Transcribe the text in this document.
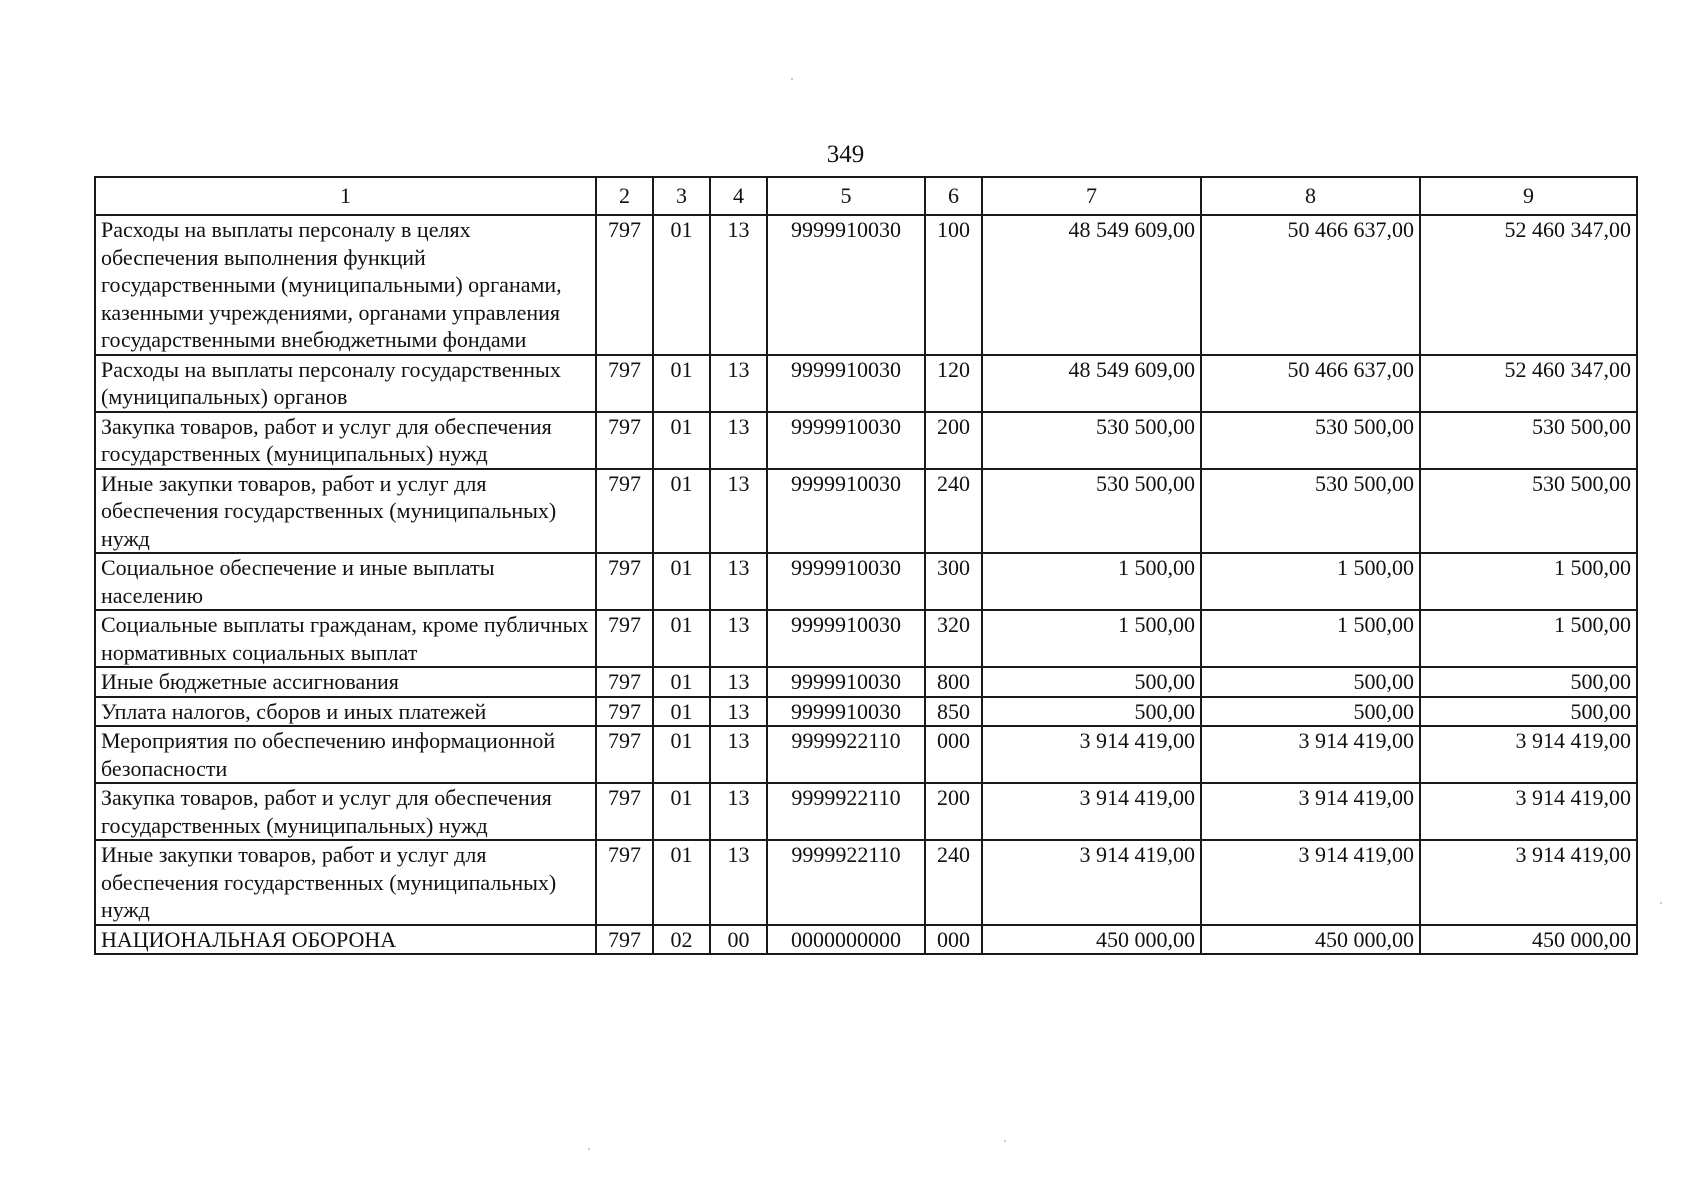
349
1	2	3	4	5	6	7	8	9
Расходы на выплаты персоналу в целях обеспечения выполнения функций государственными (муниципальными) органами, казенными учреждениями, органами управления государственными внебюджетными фондами	797	01	13	9999910030	100	48 549 609,00	50 466 637,00	52 460 347,00
Расходы на выплаты персоналу государственных (муниципальных) органов	797	01	13	9999910030	120	48 549 609,00	50 466 637,00	52 460 347,00
Закупка товаров, работ и услуг для обеспечения государственных (муниципальных) нужд	797	01	13	9999910030	200	530 500,00	530 500,00	530 500,00
Иные закупки товаров, работ и услуг для обеспечения государственных (муниципальных) нужд	797	01	13	9999910030	240	530 500,00	530 500,00	530 500,00
Социальное обеспечение и иные выплаты населению	797	01	13	9999910030	300	1 500,00	1 500,00	1 500,00
Социальные выплаты гражданам, кроме публичных нормативных социальных выплат	797	01	13	9999910030	320	1 500,00	1 500,00	1 500,00
Иные бюджетные ассигнования	797	01	13	9999910030	800	500,00	500,00	500,00
Уплата налогов, сборов и иных платежей	797	01	13	9999910030	850	500,00	500,00	500,00
Мероприятия по обеспечению информационной безопасности	797	01	13	9999922110	000	3 914 419,00	3 914 419,00	3 914 419,00
Закупка товаров, работ и услуг для обеспечения государственных (муниципальных) нужд	797	01	13	9999922110	200	3 914 419,00	3 914 419,00	3 914 419,00
Иные закупки товаров, работ и услуг для обеспечения государственных (муниципальных) нужд	797	01	13	9999922110	240	3 914 419,00	3 914 419,00	3 914 419,00
НАЦИОНАЛЬНАЯ ОБОРОНА	797	02	00	0000000000	000	450 000,00	450 000,00	450 000,00
